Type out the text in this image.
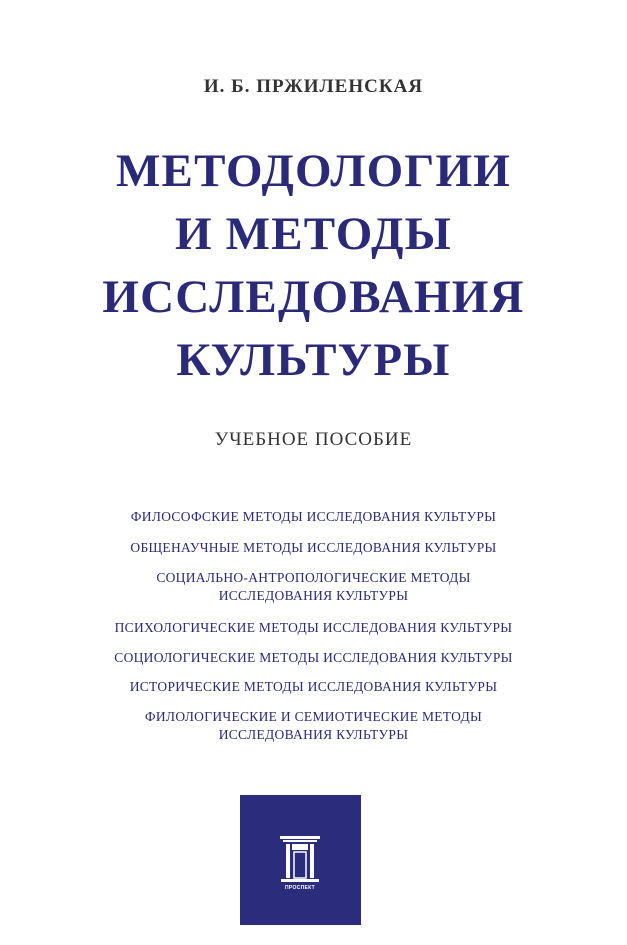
И. Б. ПРЖИЛЕНСКАЯ
МЕТОДОЛОГИИ
И МЕТОДЫ
ИССЛЕДОВАНИЯ
КУЛЬТУРЫ
УЧЕБНОЕ ПОСОБИЕ
ФИЛОСОФСКИЕ МЕТОДЫ ИССЛЕДОВАНИЯ КУЛЬТУРЫ
ОБЩЕНАУЧНЫЕ МЕТОДЫ ИССЛЕДОВАНИЯ КУЛЬТУРЫ
СОЦИАЛЬНО-АНТРОПОЛОГИЧЕСКИЕ МЕТОДЫ
ИССЛЕДОВАНИЯ КУЛЬТУРЫ
ПСИХОЛОГИЧЕСКИЕ МЕТОДЫ ИССЛЕДОВАНИЯ КУЛЬТУРЫ
СОЦИОЛОГИЧЕСКИЕ МЕТОДЫ ИССЛЕДОВАНИЯ КУЛЬТУРЫ
ИСТОРИЧЕСКИЕ МЕТОДЫ ИССЛЕДОВАНИЯ КУЛЬТУРЫ
ФИЛОЛОГИЧЕСКИЕ И СЕМИОТИЧЕСКИЕ МЕТОДЫ
ИССЛЕДОВАНИЯ КУЛЬТУРЫ
ПРОСПЕКТ
